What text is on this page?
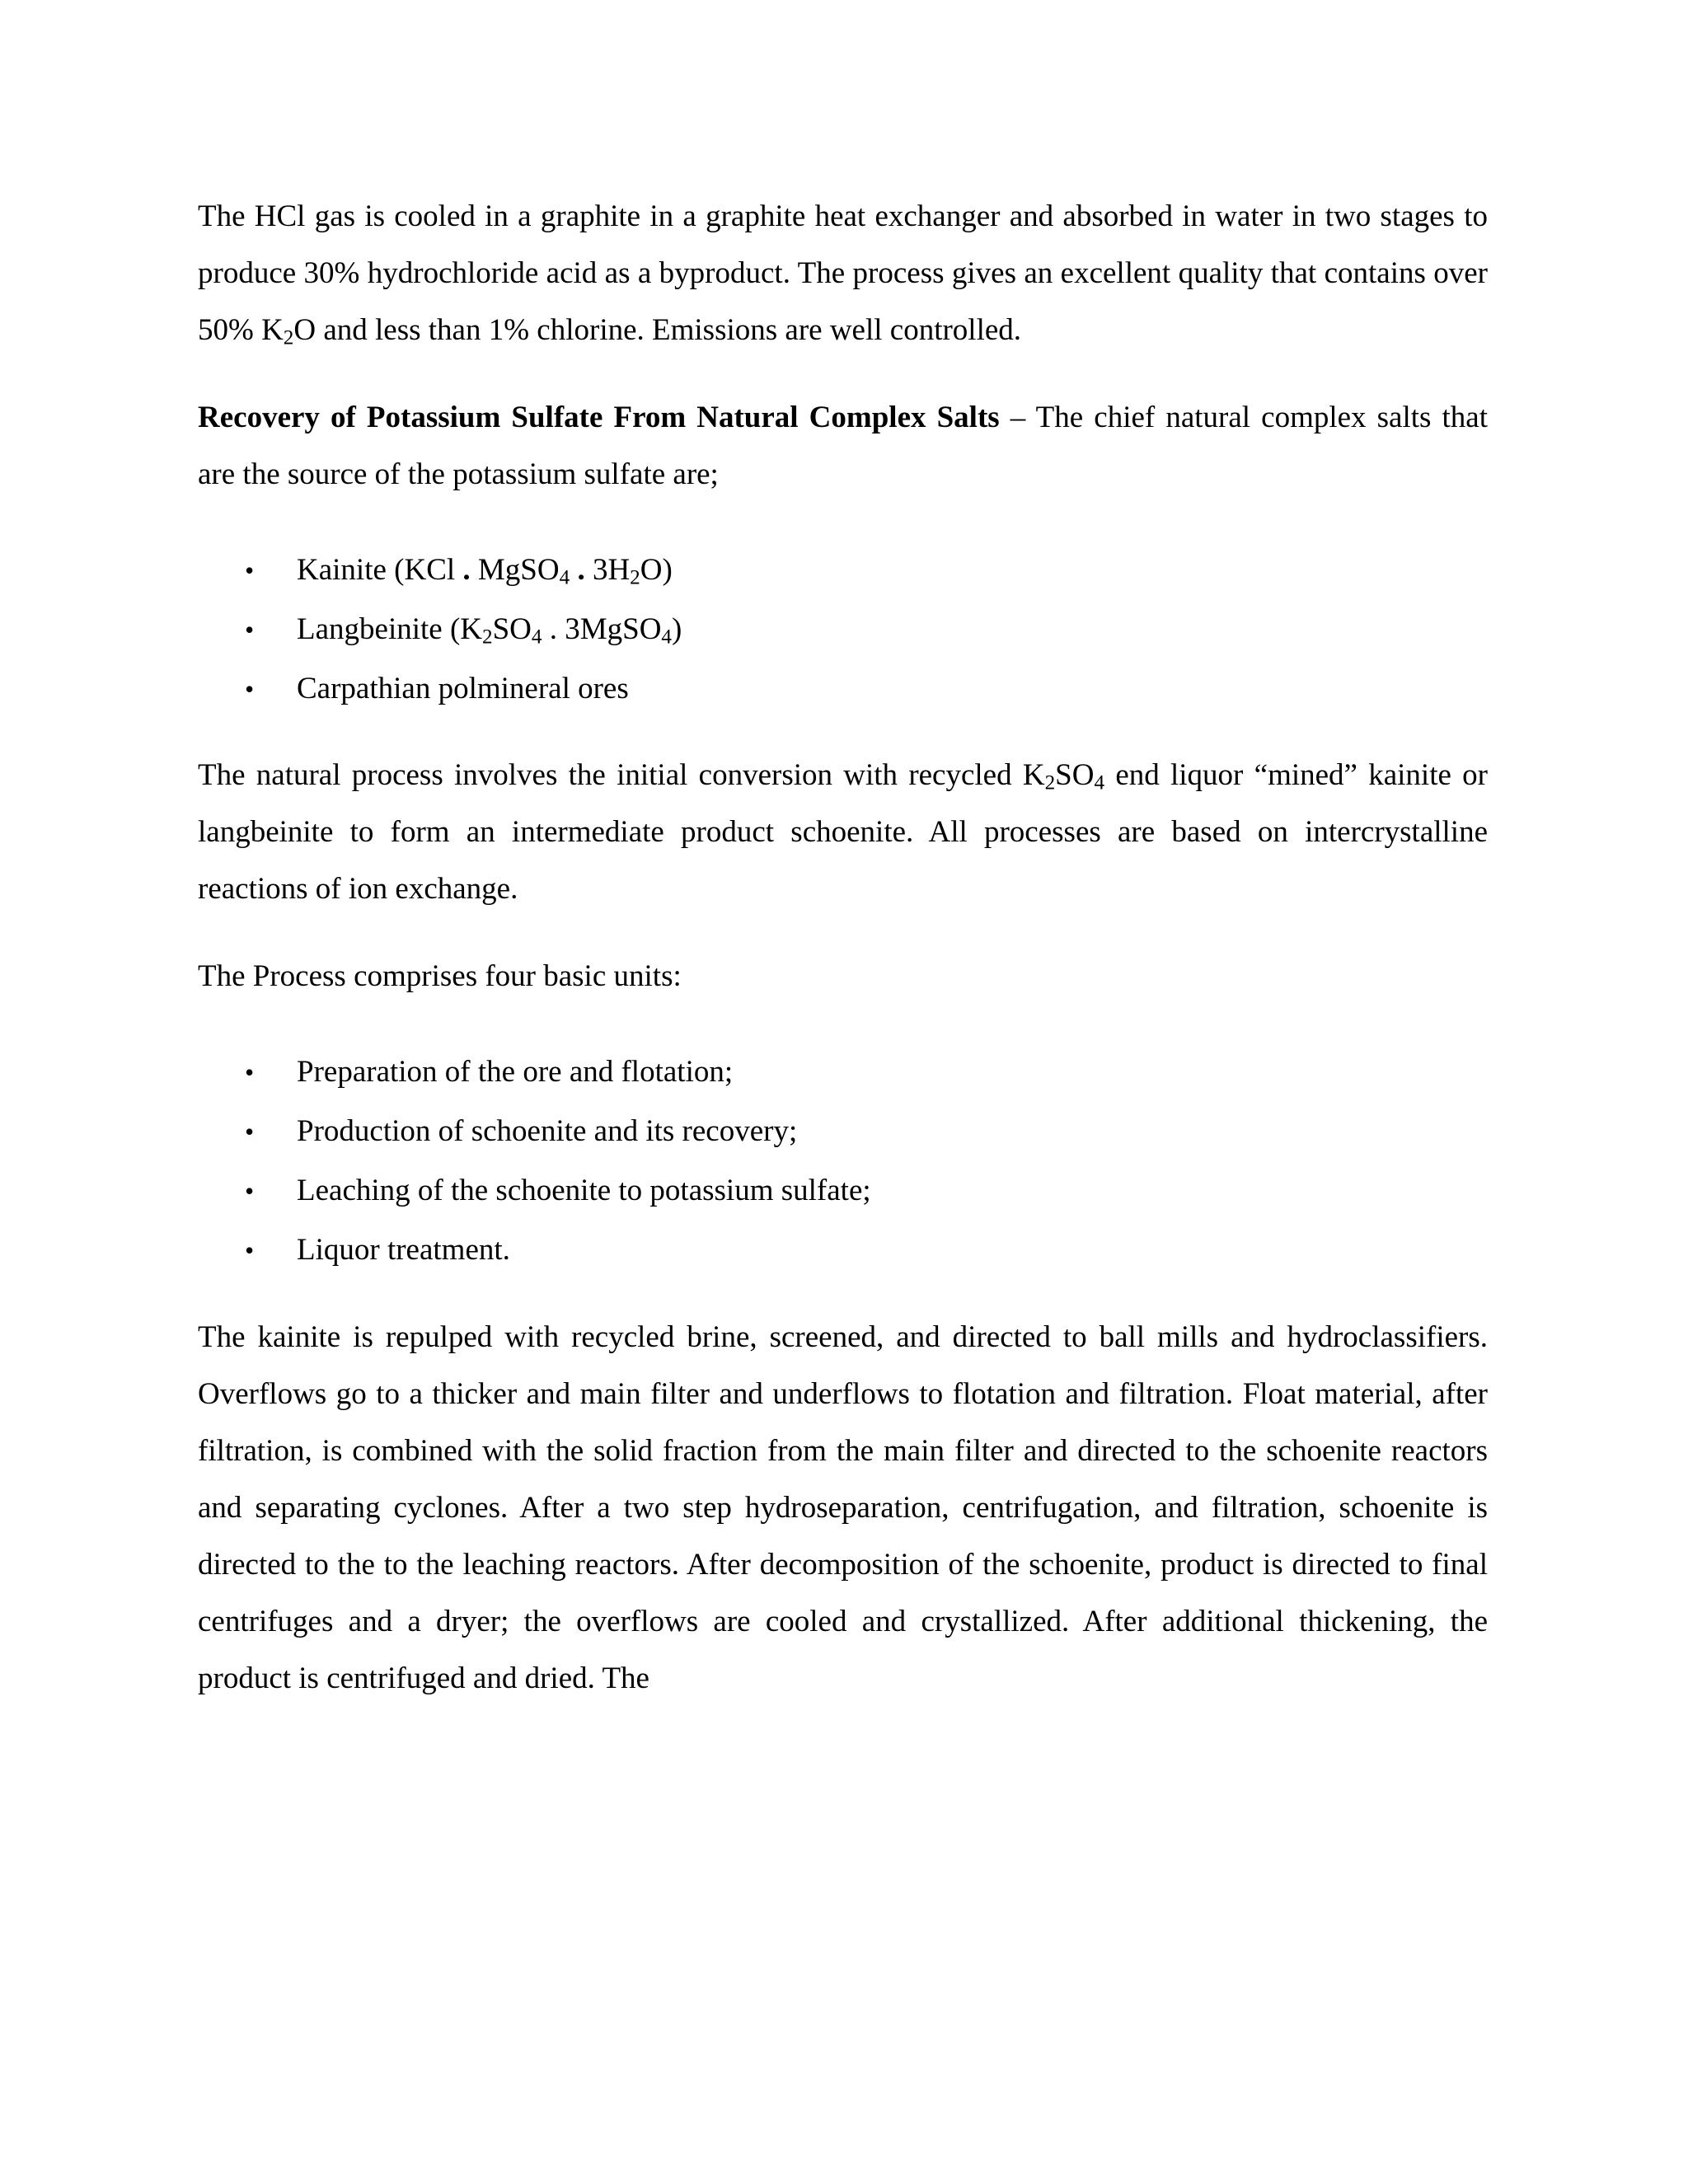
The HCl gas is cooled in a graphite in a graphite heat exchanger and absorbed in water in two stages to produce 30% hydrochloride acid as a byproduct. The process gives an excellent quality that contains over 50% $K_2O$ and less than 1% chlorine. Emissions are well controlled.

Recovery of Potassium Sulfate From Natural Complex Salts – The chief natural complex salts that are the source of the potassium sulfate are;

• Kainite (KCl . MgSO$_4$ . $3H_2O$)
• Langbeinite ($K_2SO_4$ . 3MgSO$_4$)
• Carpathian polmineral ores

The natural process involves the initial conversion with recycled $K_2SO_4$ end liquor “mined” kainite or langbeinite to form an intermediate product schoenite. All processes are based on intercrystalline reactions of ion exchange.

The Process comprises four basic units:

• Preparation of the ore and flotation;
• Production of schoenite and its recovery;
• Leaching of the schoenite to potassium sulfate;
• Liquor treatment.

The kainite is repulped with recycled brine, screened, and directed to ball mills and hydroclassifiers. Overflows go to a thicker and main filter and underflows to flotation and filtration. Float material, after filtration, is combined with the solid fraction from the main filter and directed to the schoenite reactors and separating cyclones. After a two step hydroseparation, centrifugation, and filtration, schoenite is directed to the to the leaching reactors. After decomposition of the schoenite, product is directed to final centrifuges and a dryer; the overflows are cooled and crystallized. After additional thickening, the product is centrifuged and dried. The
